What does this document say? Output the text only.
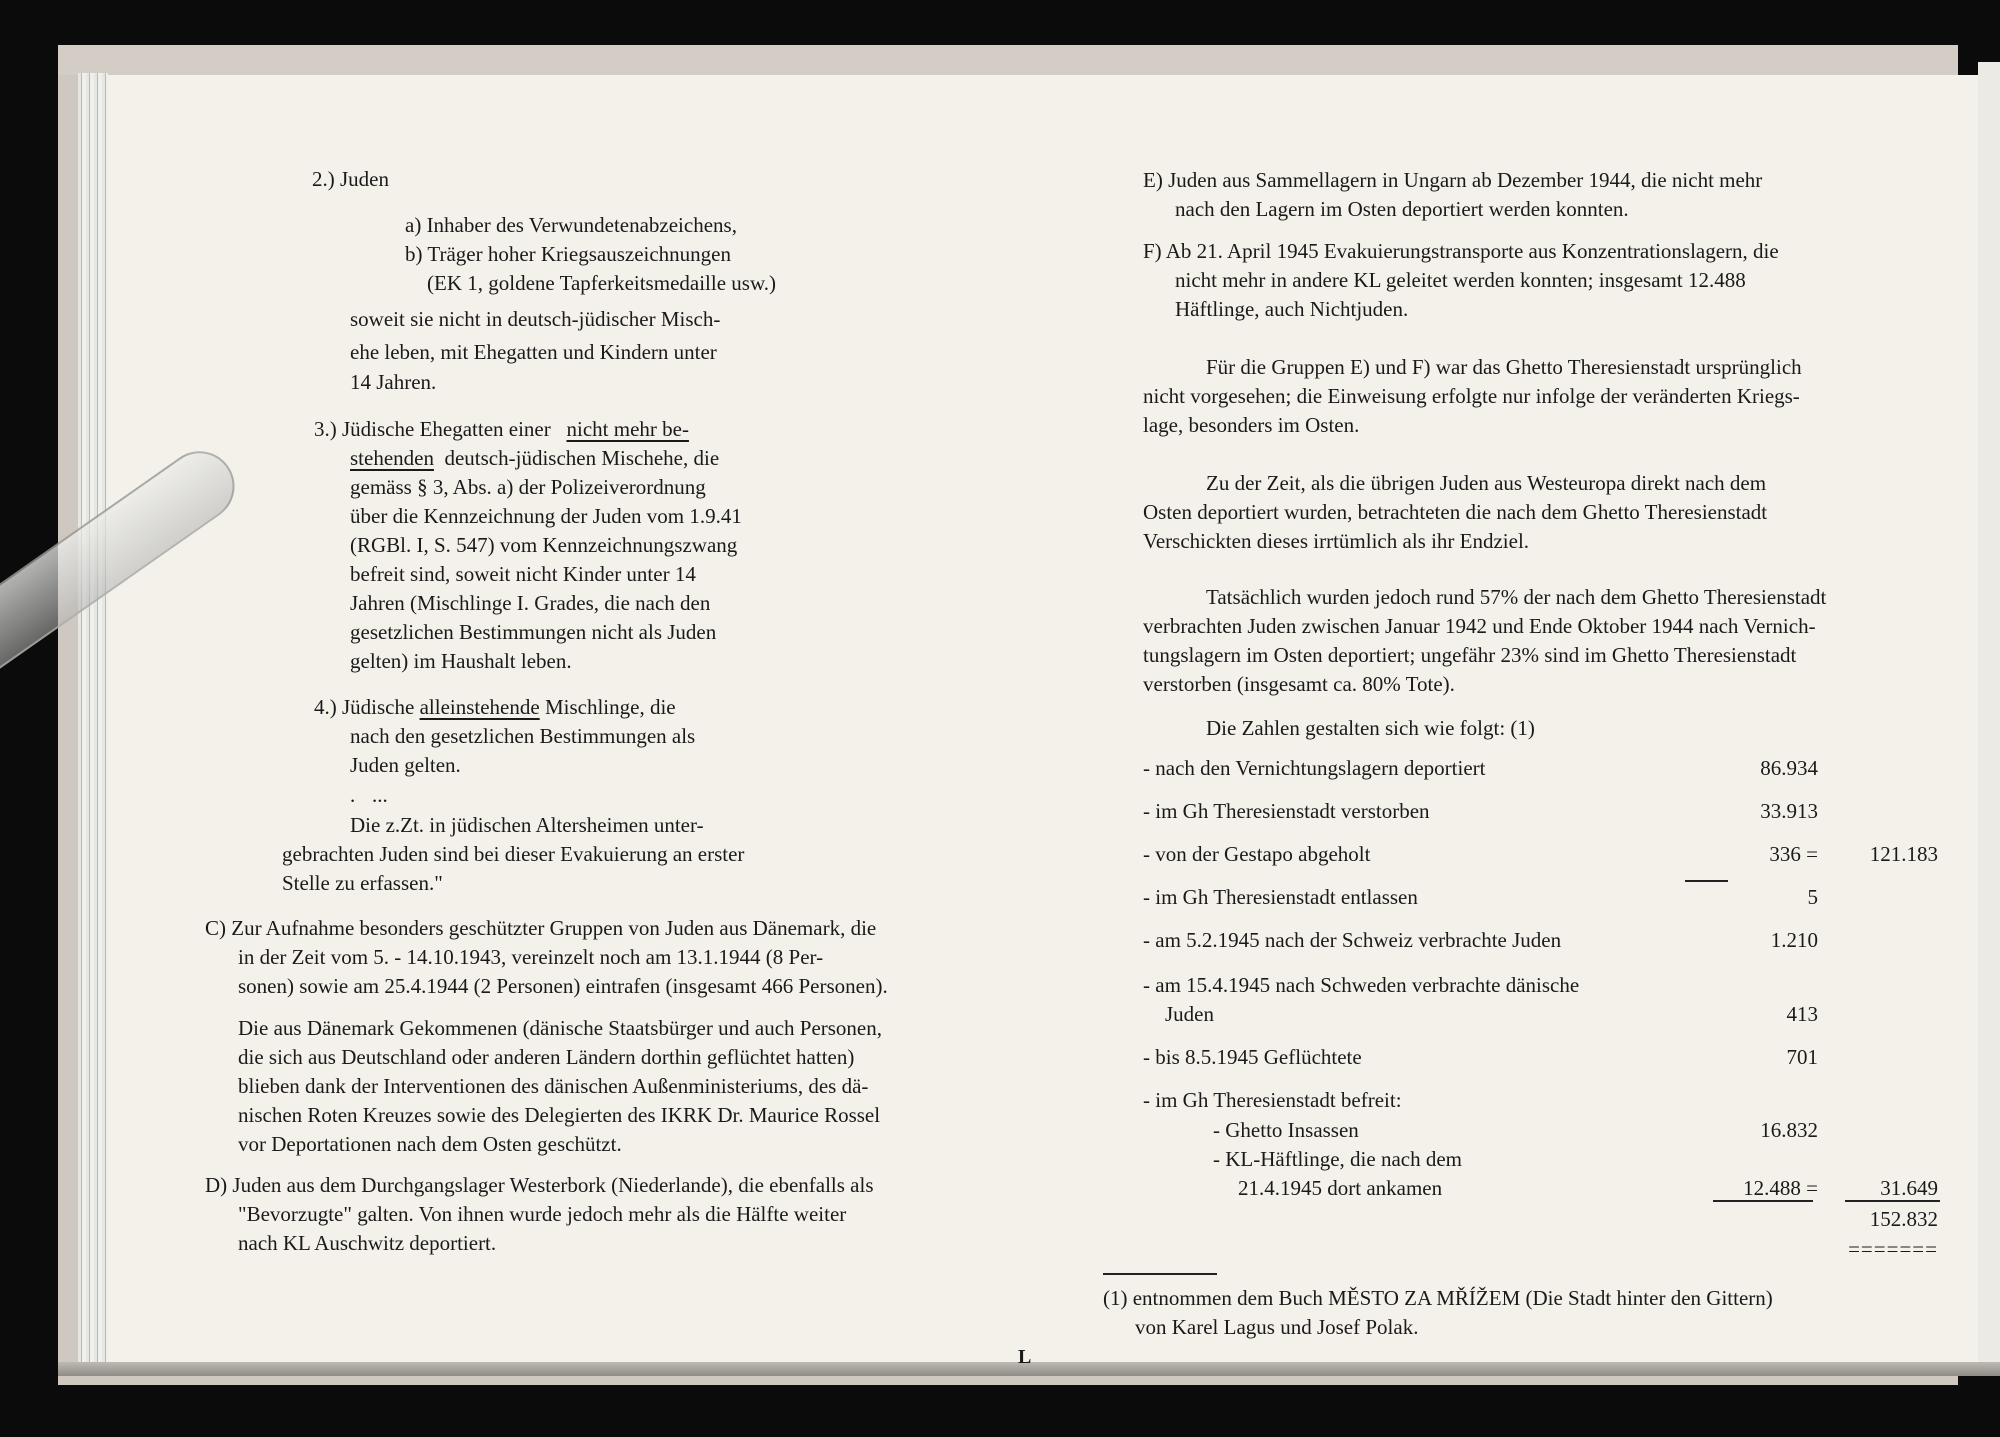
2.) Juden
a) Inhaber des Verwundetenabzeichens,
b) Träger hoher Kriegsauszeichnungen
(EK 1, goldene Tapferkeitsmedaille usw.)
soweit sie nicht in deutsch-jüdischer Misch-
ehe leben, mit Ehegatten und Kindern unter
14 Jahren.
3.) Jüdische Ehegatten einer nicht mehr be-
stehenden deutsch-jüdischen Mischehe, die
gemäss § 3, Abs. a) der Polizeiverordnung
über die Kennzeichnung der Juden vom 1.9.41
(RGBl. I, S. 547) vom Kennzeichnungszwang
befreit sind, soweit nicht Kinder unter 14
Jahren (Mischlinge I. Grades, die nach den
gesetzlichen Bestimmungen nicht als Juden
gelten) im Haushalt leben.
4.) Jüdische alleinstehende Mischlinge, die
nach den gesetzlichen Bestimmungen als
Juden gelten.
. ...
Die z.Zt. in jüdischen Altersheimen unter-
gebrachten Juden sind bei dieser Evakuierung an erster
Stelle zu erfassen."
C) Zur Aufnahme besonders geschützter Gruppen von Juden aus Dänemark, die
in der Zeit vom 5. - 14.10.1943, vereinzelt noch am 13.1.1944 (8 Per-
sonen) sowie am 25.4.1944 (2 Personen) eintrafen (insgesamt 466 Personen).
Die aus Dänemark Gekommenen (dänische Staatsbürger und auch Personen,
die sich aus Deutschland oder anderen Ländern dorthin geflüchtet hatten)
blieben dank der Interventionen des dänischen Außenministeriums, des dä-
nischen Roten Kreuzes sowie des Delegierten des IKRK Dr. Maurice Rossel
vor Deportationen nach dem Osten geschützt.
D) Juden aus dem Durchgangslager Westerbork (Niederlande), die ebenfalls als
"Bevorzugte" galten. Von ihnen wurde jedoch mehr als die Hälfte weiter
nach KL Auschwitz deportiert.
E) Juden aus Sammellagern in Ungarn ab Dezember 1944, die nicht mehr
nach den Lagern im Osten deportiert werden konnten.
F) Ab 21. April 1945 Evakuierungstransporte aus Konzentrationslagern, die
nicht mehr in andere KL geleitet werden konnten; insgesamt 12.488
Häftlinge, auch Nichtjuden.
Für die Gruppen E) und F) war das Ghetto Theresienstadt ursprünglich
nicht vorgesehen; die Einweisung erfolgte nur infolge der veränderten Kriegs-
lage, besonders im Osten.
Zu der Zeit, als die übrigen Juden aus Westeuropa direkt nach dem
Osten deportiert wurden, betrachteten die nach dem Ghetto Theresienstadt
Verschickten dieses irrtümlich als ihr Endziel.
Tatsächlich wurden jedoch rund 57% der nach dem Ghetto Theresienstadt
verbrachten Juden zwischen Januar 1942 und Ende Oktober 1944 nach Vernich-
tungslagern im Osten deportiert; ungefähr 23% sind im Ghetto Theresienstadt
verstorben (insgesamt ca. 80% Tote).
Die Zahlen gestalten sich wie folgt: (1)
- nach den Vernichtungslagern deportiert	86.934
- im Gh Theresienstadt verstorben	33.913
- von der Gestapo abgeholt	336 =	121.183
- im Gh Theresienstadt entlassen	5
- am 5.2.1945 nach der Schweiz verbrachte Juden	1.210
- am 15.4.1945 nach Schweden verbrachte dänische
Juden	413
- bis 8.5.1945 Geflüchtete	701
- im Gh Theresienstadt befreit:
- Ghetto Insassen	16.832
- KL-Häftlinge, die nach dem
21.4.1945 dort ankamen	12.488 =	31.649
152.832
=======
(1) entnommen dem Buch MĚSTO ZA MŘÍŽEM (Die Stadt hinter den Gittern)
von Karel Lagus und Josef Polak.
L
